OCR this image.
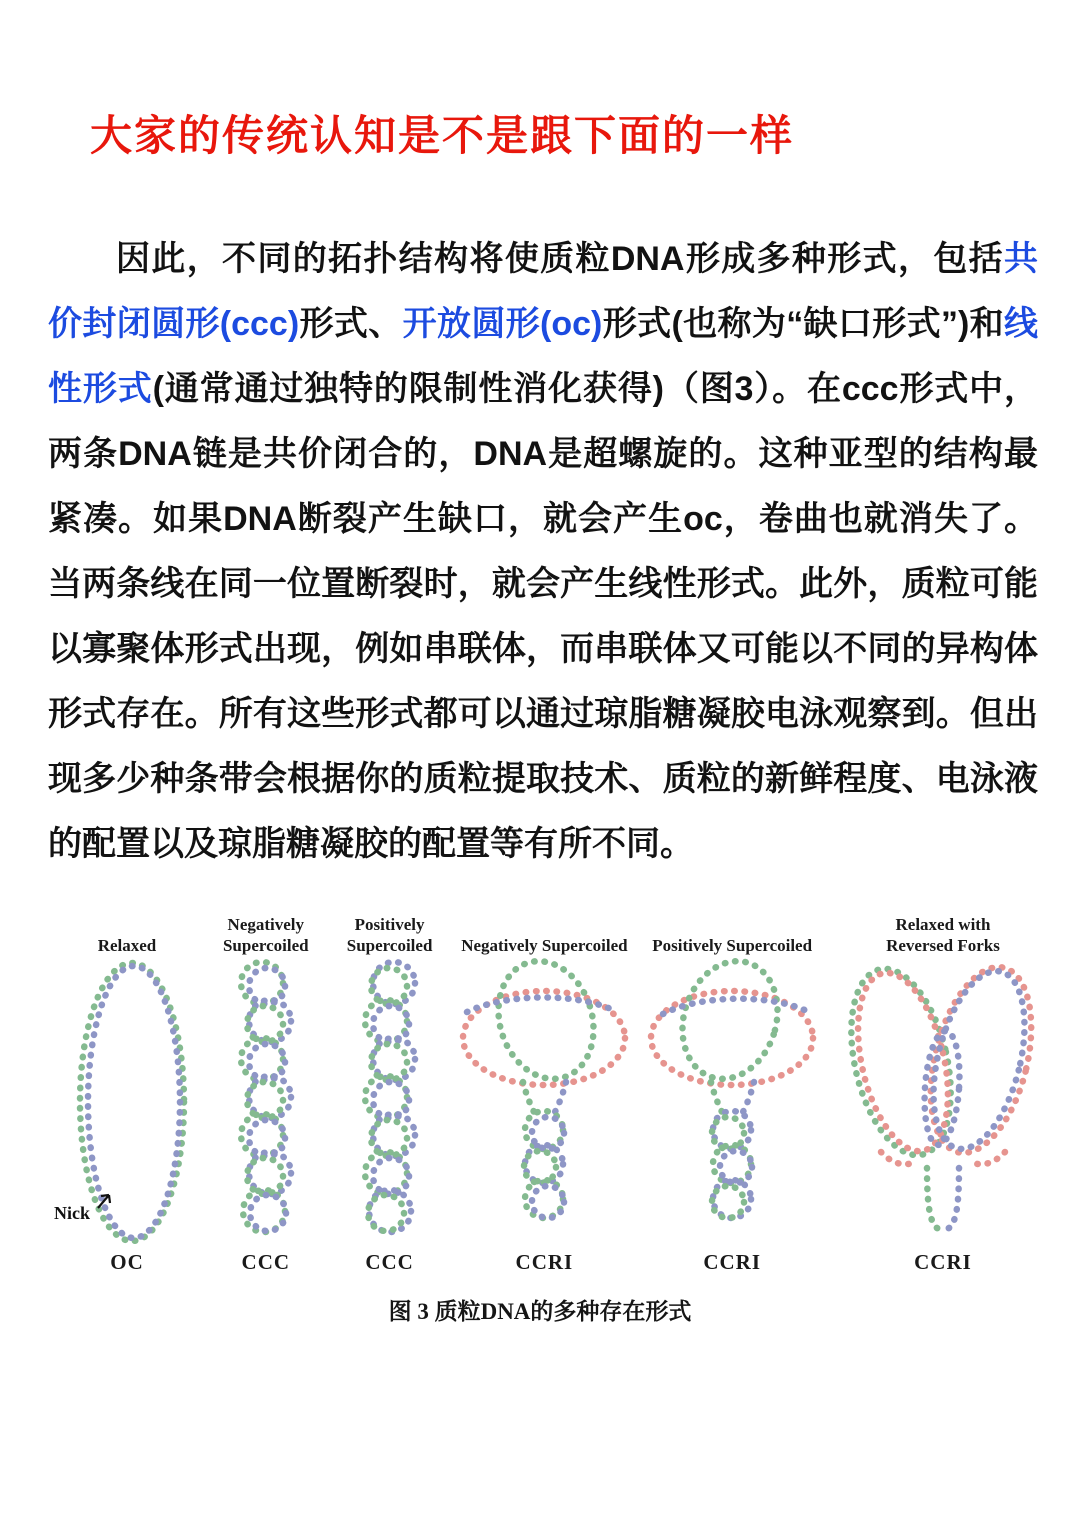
大家的传统认知是不是跟下面的一样

因此，不同的拓扑结构将使质粒DNA形成多种形式，包括共价封闭圆形(ccc)形式、开放圆形(oc)形式(也称为“缺口形式”)和线性形式(通常通过独特的限制性消化获得)（图3）。在ccc形式中，两条DNA链是共价闭合的，DNA是超螺旋的。这种亚型的结构最紧凑。如果DNA断裂产生缺口，就会产生oc，卷曲也就消失了。当两条线在同一位置断裂时，就会产生线性形式。此外，质粒可能以寡聚体形式出现，例如串联体，而串联体又可能以不同的异构体形式存在。所有这些形式都可以通过琼脂糖凝胶电泳观察到。但出现多少种条带会根据你的质粒提取技术、质粒的新鲜程度、电泳液的配置以及琼脂糖凝胶的配置等有所不同。

Relaxed
Nick
OC
Negatively Supercoiled
CCC
Positively Supercoiled
CCC
Negatively Supercoiled
CCRI
Positively Supercoiled
CCRI
Relaxed with Reversed Forks
CCRI
图 3 质粒DNA的多种存在形式
